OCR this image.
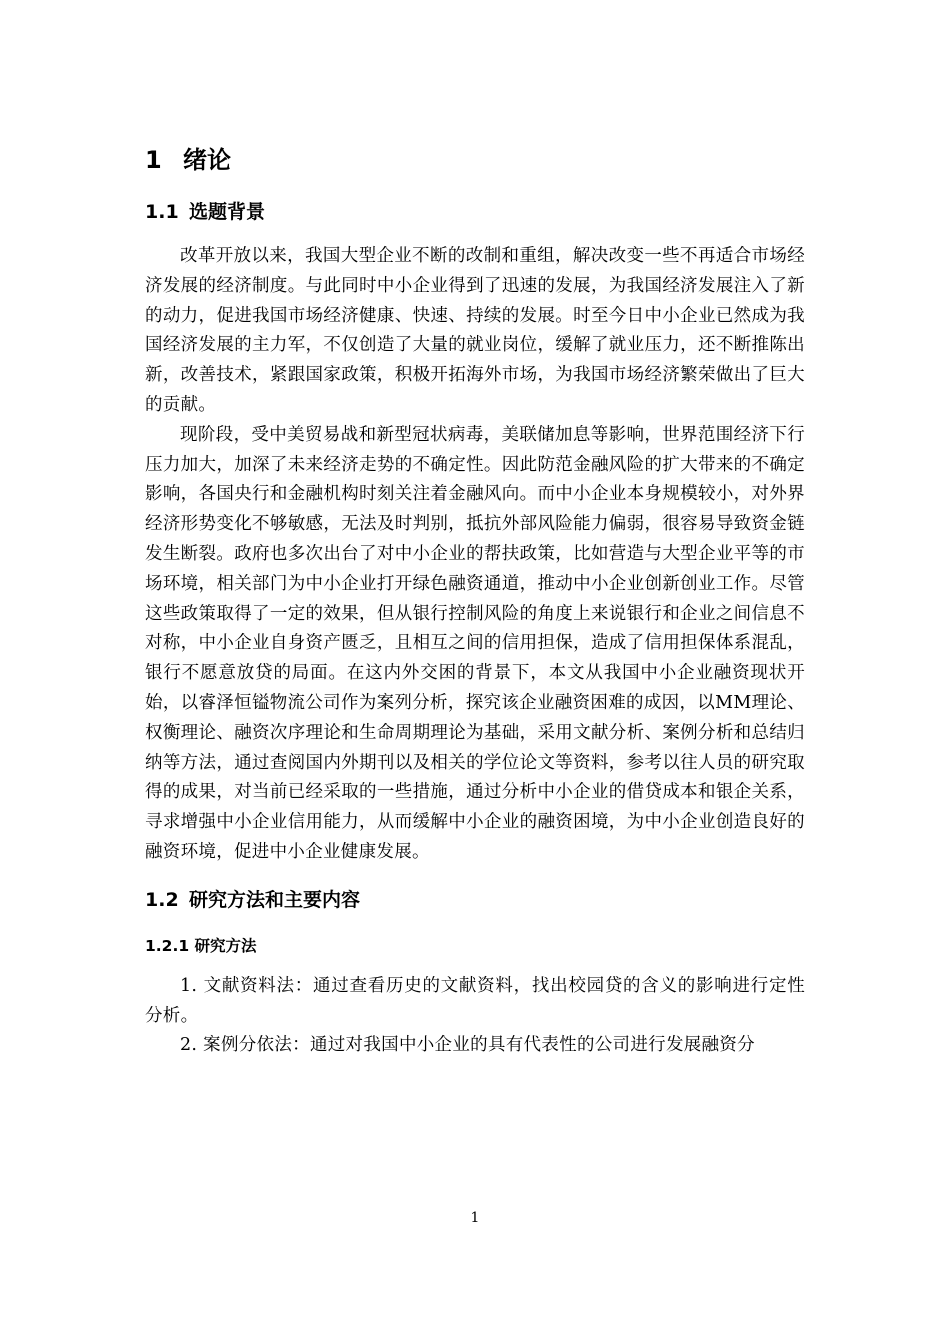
1 绪论
1.1 选题背景

改革开放以来，我国大型企业不断的改制和重组，解决改变一些不再适合市场经济发展的经济制度。与此同时中小企业得到了迅速的发展，为我国经济发展注入了新的动力，促进我国市场经济健康、快速、持续的发展。时至今日中小企业已然成为我国经济发展的主力军，不仅创造了大量的就业岗位，缓解了就业压力，还不断推陈出新，改善技术，紧跟国家政策，积极开拓海外市场，为我国市场经济繁荣做出了巨大的贡献。

现阶段，受中美贸易战和新型冠状病毒，美联储加息等影响，世界范围经济下行压力加大，加深了未来经济走势的不确定性。因此防范金融风险的扩大带来的不确定影响，各国央行和金融机构时刻关注着金融风向。而中小企业本身规模较小，对外界经济形势变化不够敏感，无法及时判别，抵抗外部风险能力偏弱，很容易导致资金链发生断裂。政府也多次出台了对中小企业的帮扶政策，比如营造与大型企业平等的市场环境，相关部门为中小企业打开绿色融资通道，推动中小企业创新创业工作。尽管这些政策取得了一定的效果，但从银行控制风险的角度上来说银行和企业之间信息不对称，中小企业自身资产匮乏，且相互之间的信用担保，造成了信用担保体系混乱，银行不愿意放贷的局面。在这内外交困的背景下，本文从我国中小企业融资现状开始，以睿泽恒镒物流公司作为案列分析，探究该企业融资困难的成因，以MM理论、权衡理论、融资次序理论和生命周期理论为基础，采用文献分析、案例分析和总结归纳等方法，通过查阅国内外期刊以及相关的学位论文等资料，参考以往人员的研究取得的成果，对当前已经采取的一些措施，通过分析中小企业的借贷成本和银企关系，寻求增强中小企业信用能力，从而缓解中小企业的融资困境，为中小企业创造良好的融资环境，促进中小企业健康发展。

1.2 研究方法和主要内容
1.2.1 研究方法

1. 文献资料法：通过查看历史的文献资料，找出校园贷的含义的影响进行定性分析。

2. 案例分依法：通过对我国中小企业的具有代表性的公司进行发展融资分

1
